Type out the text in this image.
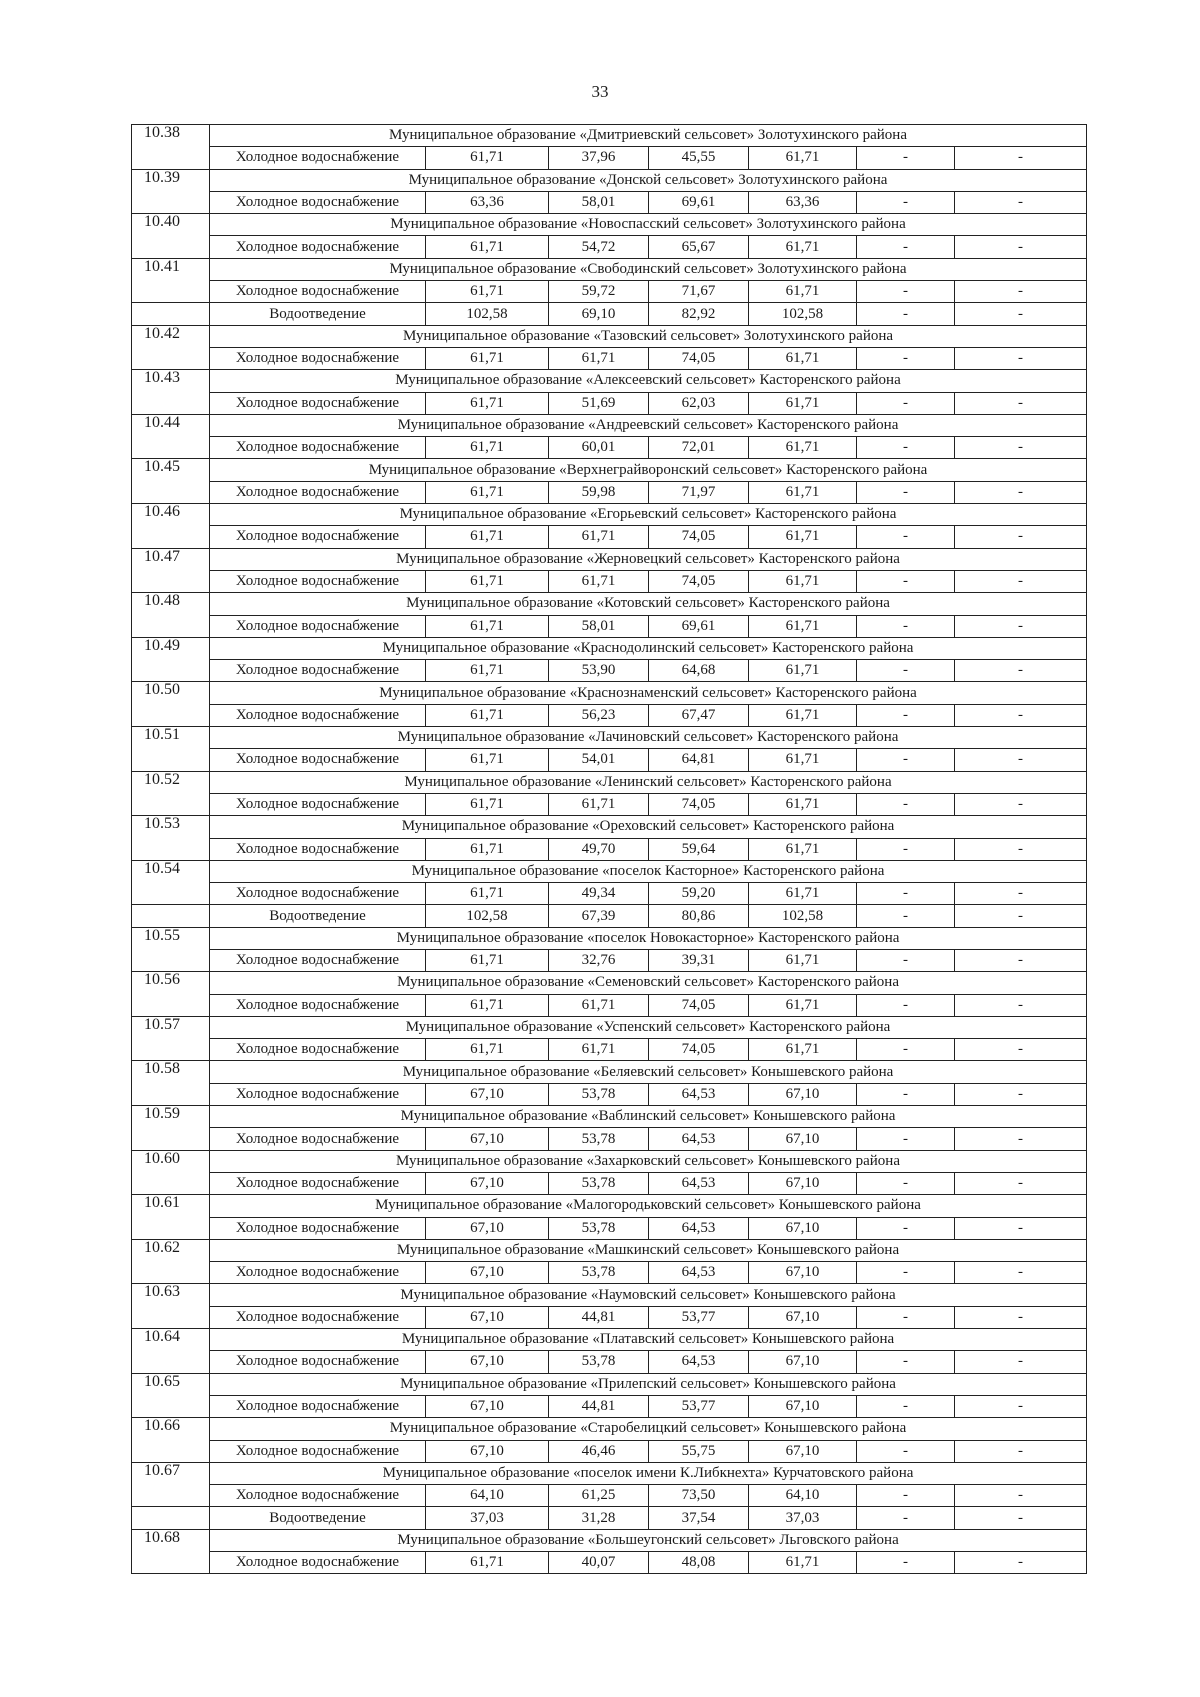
33
10.38	Муниципальное образование «Дмитриевский сельсовет» Золотухинского района						
	Холодное водоснабжение	61,71	37,96	45,55	61,71	-	-
10.39	Муниципальное образование «Донской сельсовет» Золотухинского района						
	Холодное водоснабжение	63,36	58,01	69,61	63,36	-	-
10.40	Муниципальное образование «Новоспасский сельсовет» Золотухинского района						
	Холодное водоснабжение	61,71	54,72	65,67	61,71	-	-
10.41	Муниципальное образование «Свободинский сельсовет» Золотухинского района						
	Холодное водоснабжение	61,71	59,72	71,67	61,71	-	-
	Водоотведение	102,58	69,10	82,92	102,58	-	-
10.42	Муниципальное образование «Тазовский сельсовет» Золотухинского района						
	Холодное водоснабжение	61,71	61,71	74,05	61,71	-	-
10.43	Муниципальное образование «Алексеевский сельсовет» Касторенского района						
	Холодное водоснабжение	61,71	51,69	62,03	61,71	-	-
10.44	Муниципальное образование «Андреевский сельсовет» Касторенского района						
	Холодное водоснабжение	61,71	60,01	72,01	61,71	-	-
10.45	Муниципальное образование «Верхнеграйворонский сельсовет» Касторенского района						
	Холодное водоснабжение	61,71	59,98	71,97	61,71	-	-
10.46	Муниципальное образование «Егорьевский сельсовет» Касторенского района						
	Холодное водоснабжение	61,71	61,71	74,05	61,71	-	-
10.47	Муниципальное образование «Жерновецкий сельсовет» Касторенского района						
	Холодное водоснабжение	61,71	61,71	74,05	61,71	-	-
10.48	Муниципальное образование «Котовский сельсовет» Касторенского района						
	Холодное водоснабжение	61,71	58,01	69,61	61,71	-	-
10.49	Муниципальное образование «Краснодолинский сельсовет» Касторенского района						
	Холодное водоснабжение	61,71	53,90	64,68	61,71	-	-
10.50	Муниципальное образование «Краснознаменский сельсовет» Касторенского района						
	Холодное водоснабжение	61,71	56,23	67,47	61,71	-	-
10.51	Муниципальное образование «Лачиновский сельсовет» Касторенского района						
	Холодное водоснабжение	61,71	54,01	64,81	61,71	-	-
10.52	Муниципальное образование «Ленинский сельсовет» Касторенского района						
	Холодное водоснабжение	61,71	61,71	74,05	61,71	-	-
10.53	Муниципальное образование «Ореховский сельсовет» Касторенского района						
	Холодное водоснабжение	61,71	49,70	59,64	61,71	-	-
10.54	Муниципальное образование «поселок Касторное» Касторенского района						
	Холодное водоснабжение	61,71	49,34	59,20	61,71	-	-
	Водоотведение	102,58	67,39	80,86	102,58	-	-
10.55	Муниципальное образование «поселок Новокасторное» Касторенского района						
	Холодное водоснабжение	61,71	32,76	39,31	61,71	-	-
10.56	Муниципальное образование «Семеновский сельсовет» Касторенского района						
	Холодное водоснабжение	61,71	61,71	74,05	61,71	-	-
10.57	Муниципальное образование «Успенский сельсовет» Касторенского района						
	Холодное водоснабжение	61,71	61,71	74,05	61,71	-	-
10.58	Муниципальное образование «Беляевский сельсовет» Конышевского района						
	Холодное водоснабжение	67,10	53,78	64,53	67,10	-	-
10.59	Муниципальное образование «Ваблинский сельсовет» Конышевского района						
	Холодное водоснабжение	67,10	53,78	64,53	67,10	-	-
10.60	Муниципальное образование «Захарковский сельсовет» Конышевского района						
	Холодное водоснабжение	67,10	53,78	64,53	67,10	-	-
10.61	Муниципальное образование «Малогородьковский сельсовет» Конышевского района						
	Холодное водоснабжение	67,10	53,78	64,53	67,10	-	-
10.62	Муниципальное образование «Машкинский сельсовет» Конышевского района						
	Холодное водоснабжение	67,10	53,78	64,53	67,10	-	-
10.63	Муниципальное образование «Наумовский сельсовет» Конышевского района						
	Холодное водоснабжение	67,10	44,81	53,77	67,10	-	-
10.64	Муниципальное образование «Платавский сельсовет» Конышевского района						
	Холодное водоснабжение	67,10	53,78	64,53	67,10	-	-
10.65	Муниципальное образование «Прилепский сельсовет» Конышевского района						
	Холодное водоснабжение	67,10	44,81	53,77	67,10	-	-
10.66	Муниципальное образование «Старобелицкий сельсовет» Конышевского района						
	Холодное водоснабжение	67,10	46,46	55,75	67,10	-	-
10.67	Муниципальное образование «поселок имени К.Либкнехта» Курчатовского района						
	Холодное водоснабжение	64,10	61,25	73,50	64,10	-	-
	Водоотведение	37,03	31,28	37,54	37,03	-	-
10.68	Муниципальное образование «Большеугонский сельсовет» Льговского района						
	Холодное водоснабжение	61,71	40,07	48,08	61,71	-	-
